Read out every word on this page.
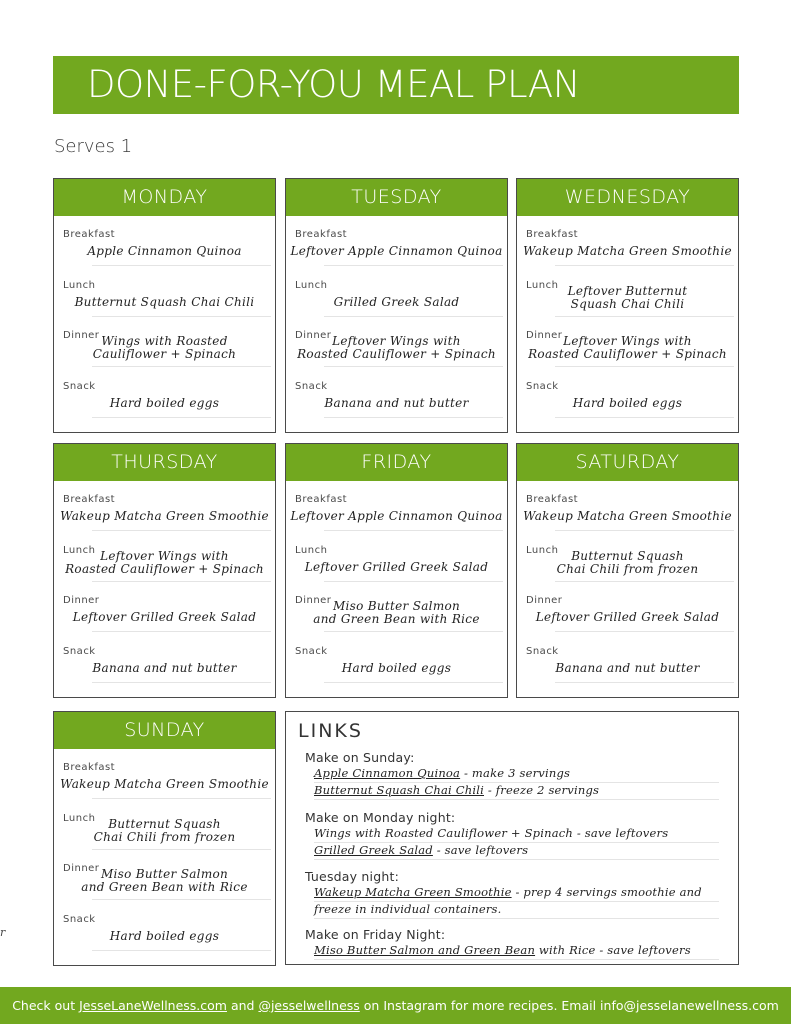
DONE-FOR-YOU MEAL PLAN
Serves 1
r
MONDAY
Breakfast
Apple Cinnamon Quinoa
Lunch
Butternut Squash Chai Chili
Dinner Wings with Roasted
Cauliflower + Spinach
Snack
Hard boiled eggs
TUESDAY
Breakfast
Leftover Apple Cinnamon Quinoa
Lunch
Grilled Greek Salad
Dinner Leftover Wings with
Roasted Cauliflower + Spinach
Snack
Banana and nut butter
WEDNESDAY
Breakfast
Wakeup Matcha Green Smoothie
Lunch Leftover Butternut
Squash Chai Chili
Dinner Leftover Wings with
Roasted Cauliflower + Spinach
Snack
Hard boiled eggs
THURSDAY
Breakfast
Wakeup Matcha Green Smoothie
Lunch Leftover Wings with
Roasted Cauliflower + Spinach
Dinner
Leftover Grilled Greek Salad
Snack
Banana and nut butter
FRIDAY
Breakfast
Leftover Apple Cinnamon Quinoa
Lunch
Leftover Grilled Greek Salad
Dinner Miso Butter Salmon
and Green Bean with Rice
Snack
Hard boiled eggs
SATURDAY
Breakfast
Wakeup Matcha Green Smoothie
Lunch	Butternut Squash
Chai Chili from frozen
Dinner
Leftover Grilled Greek Salad
Snack
Banana and nut butter
SUNDAY
Breakfast
Wakeup Matcha Green Smoothie
Lunch	Butternut Squash
Chai Chili from frozen
Dinner Miso Butter Salmon
and Green Bean with Rice
Snack
Hard boiled eggs
LINKS
Make on Sunday:
Apple Cinnamon Quinoa - make 3 servings
Butternut Squash Chai Chili - freeze 2 servings
Make on Monday night:
Wings with Roasted Cauliflower + Spinach - save leftovers
Grilled Greek Salad - save leftovers
Tuesday night:
Wakeup Matcha Green Smoothie - prep 4 servings smoothie and
freeze in individual containers.
Make on Friday Night:
Miso Butter Salmon and Green Bean with Rice - save leftovers
Check out JesseLaneWellness.com and @jesselwellness on Instagram for more recipes. Email info@jesselanewellness.com
